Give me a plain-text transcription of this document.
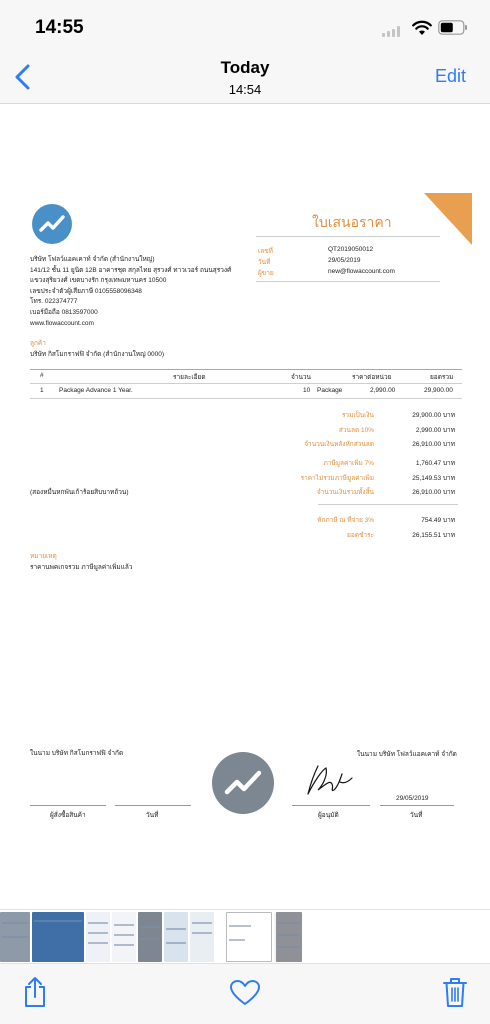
14:55
Today
14:54
Edit
ใบเสนอราคา
บริษัท โฟลว์แอคเคาท์ จำกัด (สำนักงานใหญ่)
141/12 ชั้น 11 ยูนิต 12B อาคารชุด สกุลไทย สุรวงศ์ ทาวเวอร์ ถนนสุรวงศ์
แขวงสุริยวงศ์ เขตบางรัก กรุงเทพมหานคร 10500
เลขประจำตัวผู้เสียภาษี 0105558096348
โทร. 022374777
เบอร์มือถือ 0813597000
www.flowaccount.com
เลขที่	QT2019050012
วันที่	29/05/2019
ผู้ขาย	new@flowaccount.com
ลูกค้า
บริษัท กิสโมกราฟฟิ จำกัด (สำนักงานใหญ่ 0000)
#	รายละเอียด	จำนวน	ราคาต่อหน่วย	ยอดรวม
1 Package Advance 1 Year.	10 Package	2,990.00	29,900.00
รวมเป็นเงิน	29,900.00 บาท
ส่วนลด 10%	2,990.00 บาท
จำนวนเงินหลังหักส่วนลด	26,910.00 บาท
ภาษีมูลค่าเพิ่ม 7%	1,760.47 บาท
ราคาไม่รวมภาษีมูลค่าเพิ่ม	25,149.53 บาท
จำนวนเงินรวมทั้งสิ้น	26,910.00 บาท
(สองหมื่นหกพันเก้าร้อยสิบบาทถ้วน)
หักภาษี ณ ที่จ่าย 3%	754.49 บาท
ยอดชำระ	26,155.51 บาท
หมายเหตุ
ราคานพคเกจรวม ภาษีมูลค่าเพิ่มแล้ว
ในนาม บริษัท กิสโมกราฟฟิ จำกัด	ในนาม บริษัท โฟลว์แอคเคาท์ จำกัด
29/05/2019
ผู้สั่งซื้อสินค้า	วันที่	ผู้อนุมัติ	วันที่
